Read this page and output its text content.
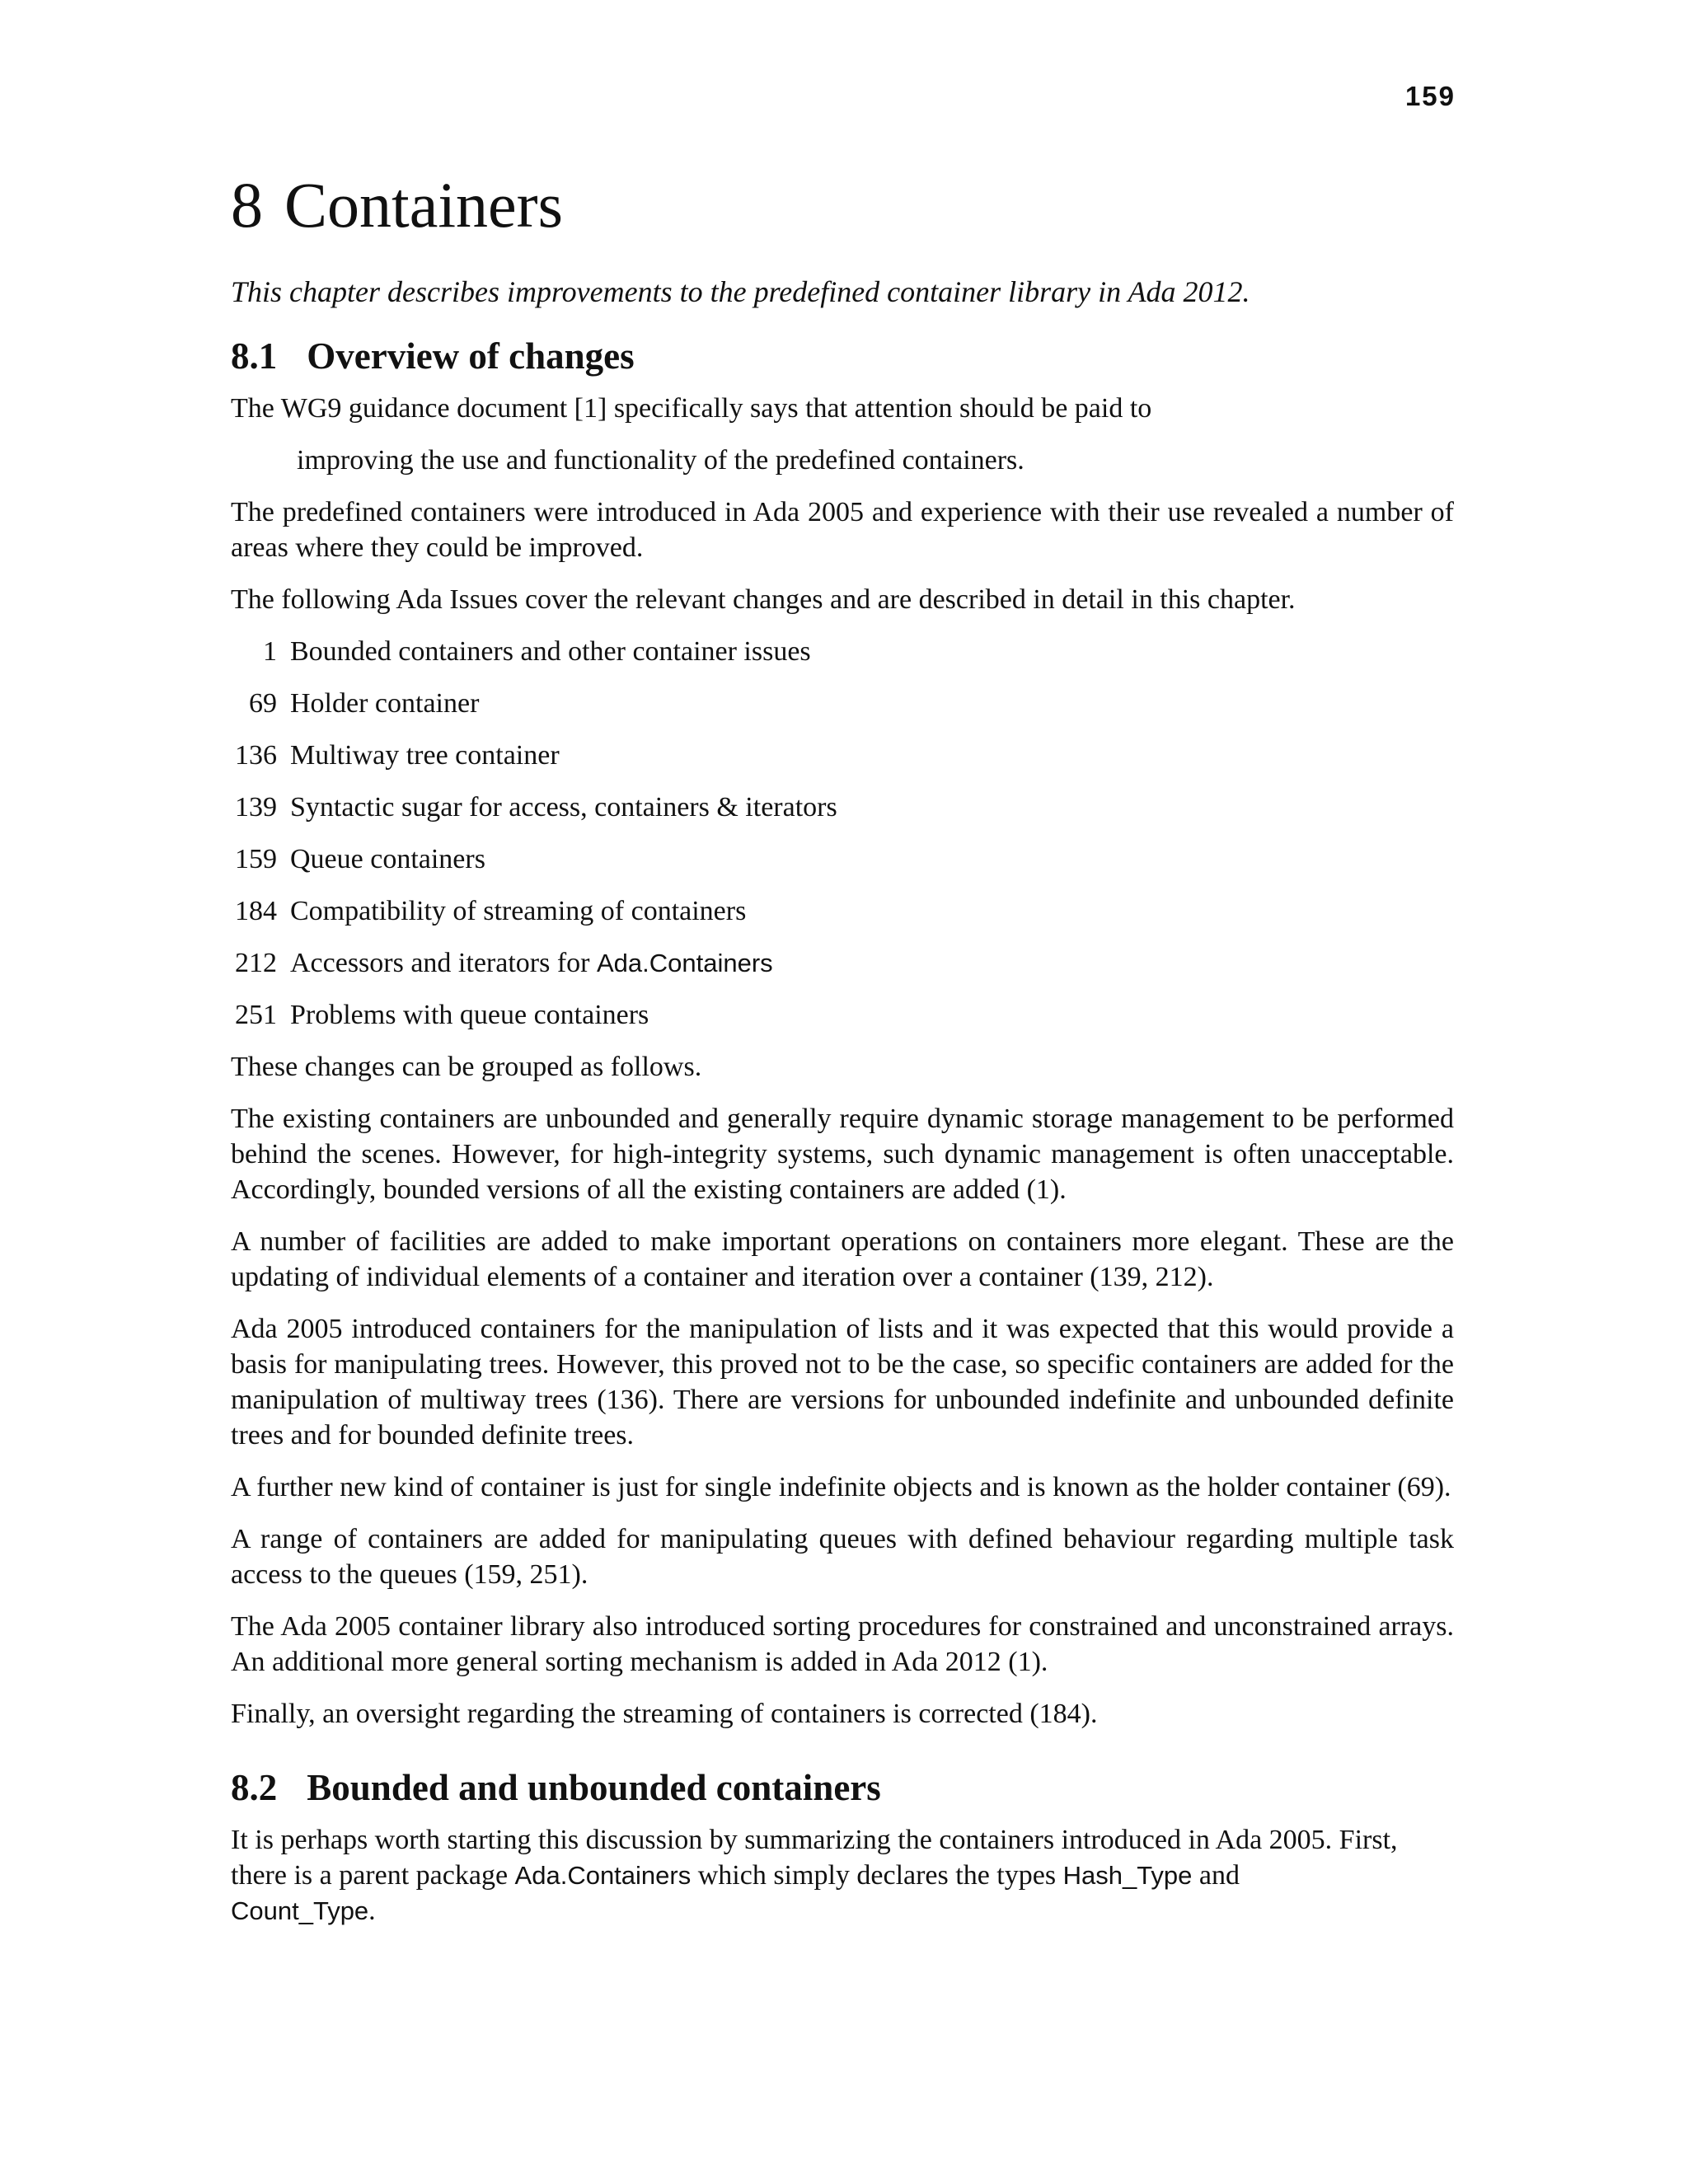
159
8 Containers

This chapter describes improvements to the predefined container library in Ada 2012.

8.1 Overview of changes

The WG9 guidance document [1] specifically says that attention should be paid to

improving the use and functionality of the predefined containers.

The predefined containers were introduced in Ada 2005 and experience with their use revealed a number of areas where they could be improved.

The following Ada Issues cover the relevant changes and are described in detail in this chapter.

1 Bounded containers and other container issues
69 Holder container
136 Multiway tree container
139 Syntactic sugar for access, containers & iterators
159 Queue containers
184 Compatibility of streaming of containers
212 Accessors and iterators for Ada.Containers
251 Problems with queue containers

These changes can be grouped as follows.

The existing containers are unbounded and generally require dynamic storage management to be performed behind the scenes. However, for high-integrity systems, such dynamic management is often unacceptable. Accordingly, bounded versions of all the existing containers are added (1).

A number of facilities are added to make important operations on containers more elegant. These are the updating of individual elements of a container and iteration over a container (139, 212).

Ada 2005 introduced containers for the manipulation of lists and it was expected that this would provide a basis for manipulating trees. However, this proved not to be the case, so specific containers are added for the manipulation of multiway trees (136). There are versions for unbounded indefinite and unbounded definite trees and for bounded definite trees.

A further new kind of container is just for single indefinite objects and is known as the holder container (69).

A range of containers are added for manipulating queues with defined behaviour regarding multiple task access to the queues (159, 251).

The Ada 2005 container library also introduced sorting procedures for constrained and unconstrained arrays. An additional more general sorting mechanism is added in Ada 2012 (1).

Finally, an oversight regarding the streaming of containers is corrected (184).

8.2 Bounded and unbounded containers

It is perhaps worth starting this discussion by summarizing the containers introduced in Ada 2005. First, there is a parent package Ada.Containers which simply declares the types Hash_Type and
Count_Type.
